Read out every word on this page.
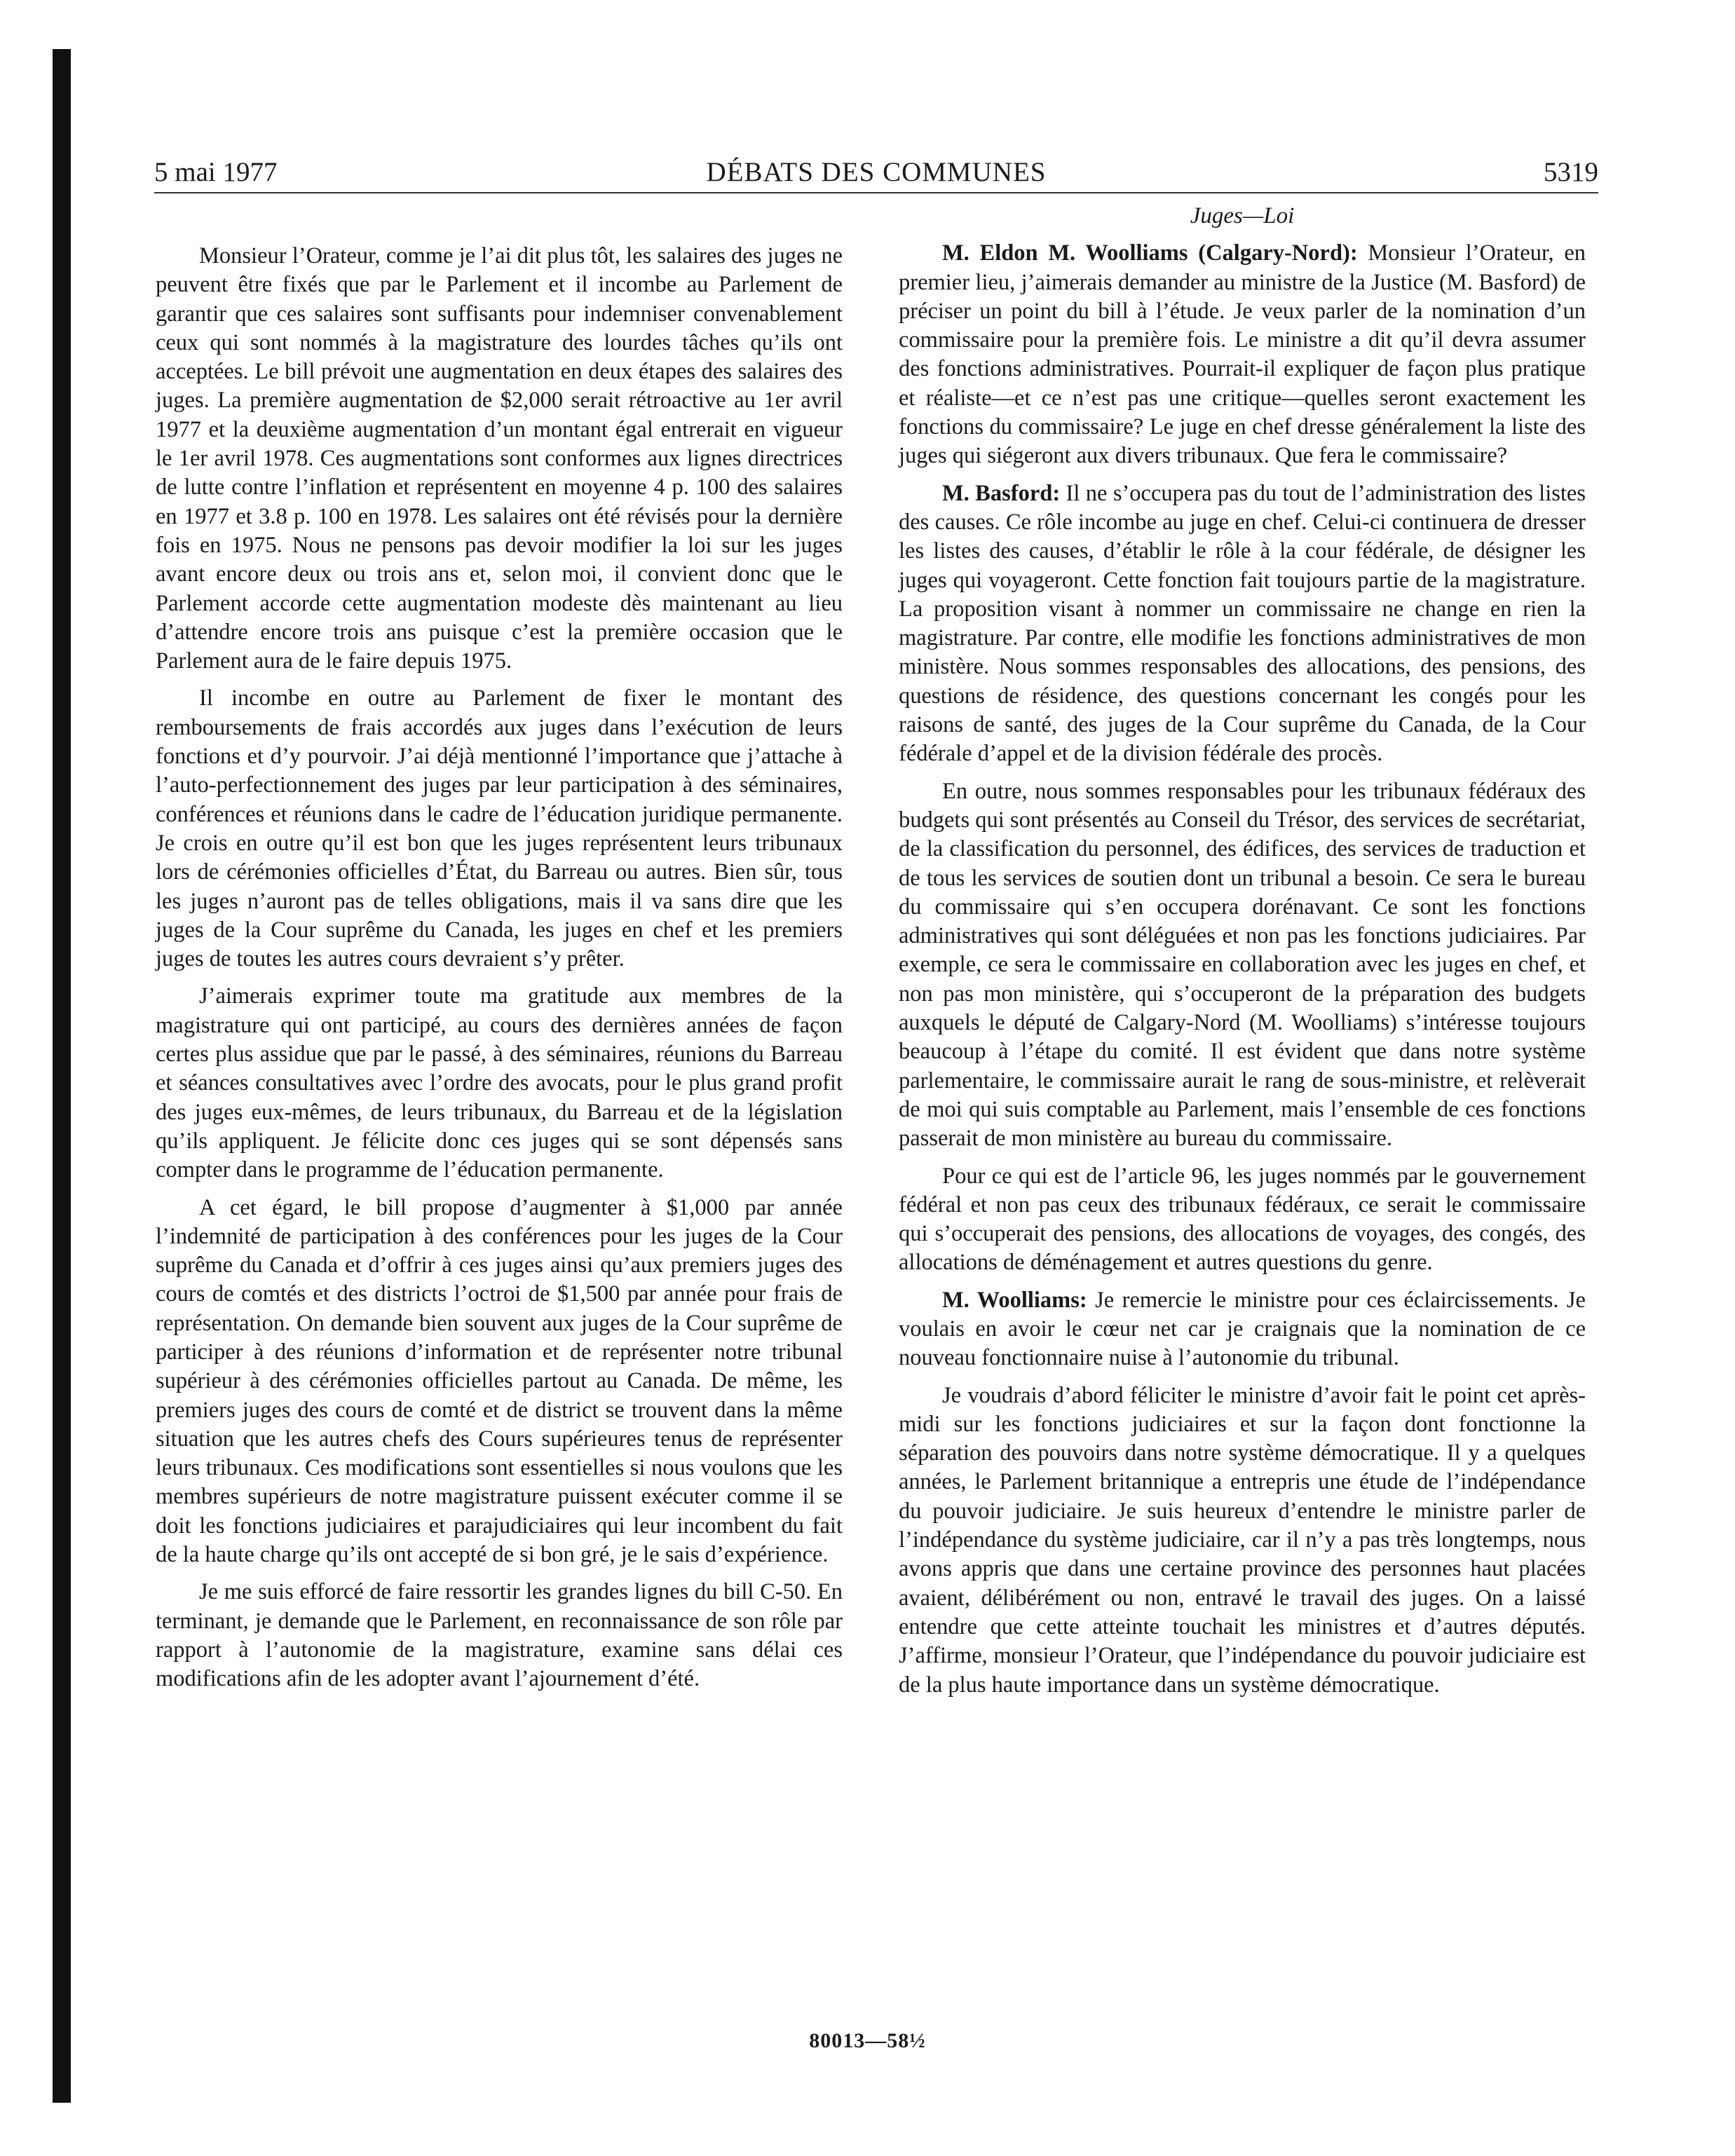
5 mai 1977	DÉBATS DES COMMUNES	5319

Monsieur l’Orateur, comme je l’ai dit plus tôt, les salaires des juges ne peuvent être fixés que par le Parlement et il incombe au Parlement de garantir que ces salaires sont suffisants pour indemniser convenablement ceux qui sont nommés à la magistrature des lourdes tâches qu’ils ont acceptées. Le bill prévoit une augmentation en deux étapes des salaires des juges. La première augmentation de $2,000 serait rétroactive au 1er avril 1977 et la deuxième augmentation d’un montant égal entrerait en vigueur le 1er avril 1978. Ces augmentations sont conformes aux lignes directrices de lutte contre l’inflation et représentent en moyenne 4 p. 100 des salaires en 1977 et 3.8 p. 100 en 1978. Les salaires ont été révisés pour la dernière fois en 1975. Nous ne pensons pas devoir modifier la loi sur les juges avant encore deux ou trois ans et, selon moi, il convient donc que le Parlement accorde cette augmentation modeste dès maintenant au lieu d’attendre encore trois ans puisque c’est la première occasion que le Parlement aura de le faire depuis 1975.

Il incombe en outre au Parlement de fixer le montant des remboursements de frais accordés aux juges dans l’exécution de leurs fonctions et d’y pourvoir. J’ai déjà mentionné l’importance que j’attache à l’auto-perfectionnement des juges par leur participation à des séminaires, conférences et réunions dans le cadre de l’éducation juridique permanente. Je crois en outre qu’il est bon que les juges représentent leurs tribunaux lors de cérémonies officielles d’État, du Barreau ou autres. Bien sûr, tous les juges n’auront pas de telles obligations, mais il va sans dire que les juges de la Cour suprême du Canada, les juges en chef et les premiers juges de toutes les autres cours devraient s’y prêter.

J’aimerais exprimer toute ma gratitude aux membres de la magistrature qui ont participé, au cours des dernières années de façon certes plus assidue que par le passé, à des séminaires, réunions du Barreau et séances consultatives avec l’ordre des avocats, pour le plus grand profit des juges eux-mêmes, de leurs tribunaux, du Barreau et de la législation qu’ils appliquent. Je félicite donc ces juges qui se sont dépensés sans compter dans le programme de l’éducation permanente.

A cet égard, le bill propose d’augmenter à $1,000 par année l’indemnité de participation à des conférences pour les juges de la Cour suprême du Canada et d’offrir à ces juges ainsi qu’aux premiers juges des cours de comtés et des districts l’octroi de $1,500 par année pour frais de représentation. On demande bien souvent aux juges de la Cour suprême de participer à des réunions d’information et de représenter notre tribunal supérieur à des cérémonies officielles partout au Canada. De même, les premiers juges des cours de comté et de district se trouvent dans la même situation que les autres chefs des Cours supérieures tenus de représenter leurs tribunaux. Ces modifications sont essentielles si nous voulons que les membres supérieurs de notre magistrature puissent exécuter comme il se doit les fonctions judiciaires et parajudiciaires qui leur incombent du fait de la haute charge qu’ils ont accepté de si bon gré, je le sais d’expérience.

Je me suis efforcé de faire ressortir les grandes lignes du bill C-50. En terminant, je demande que le Parlement, en reconnaissance de son rôle par rapport à l’autonomie de la magistrature, examine sans délai ces modifications afin de les adopter avant l’ajournement d’été.

Juges—Loi

M. Eldon M. Woolliams (Calgary-Nord): Monsieur l’Orateur, en premier lieu, j’aimerais demander au ministre de la Justice (M. Basford) de préciser un point du bill à l’étude. Je veux parler de la nomination d’un commissaire pour la première fois. Le ministre a dit qu’il devra assumer des fonctions administratives. Pourrait-il expliquer de façon plus pratique et réaliste—et ce n’est pas une critique—quelles seront exactement les fonctions du commissaire? Le juge en chef dresse généralement la liste des juges qui siégeront aux divers tribunaux. Que fera le commissaire?

M. Basford: Il ne s’occupera pas du tout de l’administration des listes des causes. Ce rôle incombe au juge en chef. Celui-ci continuera de dresser les listes des causes, d’établir le rôle à la cour fédérale, de désigner les juges qui voyageront. Cette fonction fait toujours partie de la magistrature. La proposition visant à nommer un commissaire ne change en rien la magistrature. Par contre, elle modifie les fonctions administratives de mon ministère. Nous sommes responsables des allocations, des pensions, des questions de résidence, des questions concernant les congés pour les raisons de santé, des juges de la Cour suprême du Canada, de la Cour fédérale d’appel et de la division fédérale des procès.

En outre, nous sommes responsables pour les tribunaux fédéraux des budgets qui sont présentés au Conseil du Trésor, des services de secrétariat, de la classification du personnel, des édifices, des services de traduction et de tous les services de soutien dont un tribunal a besoin. Ce sera le bureau du commissaire qui s’en occupera dorénavant. Ce sont les fonctions administratives qui sont déléguées et non pas les fonctions judiciaires. Par exemple, ce sera le commissaire en collaboration avec les juges en chef, et non pas mon ministère, qui s’occuperont de la préparation des budgets auxquels le député de Calgary-Nord (M. Woolliams) s’intéresse toujours beaucoup à l’étape du comité. Il est évident que dans notre système parlementaire, le commissaire aurait le rang de sous-ministre, et relèverait de moi qui suis comptable au Parlement, mais l’ensemble de ces fonctions passerait de mon ministère au bureau du commissaire.

Pour ce qui est de l’article 96, les juges nommés par le gouvernement fédéral et non pas ceux des tribunaux fédéraux, ce serait le commissaire qui s’occuperait des pensions, des allocations de voyages, des congés, des allocations de déménagement et autres questions du genre.

M. Woolliams: Je remercie le ministre pour ces éclaircissements. Je voulais en avoir le cœur net car je craignais que la nomination de ce nouveau fonctionnaire nuise à l’autonomie du tribunal.

Je voudrais d’abord féliciter le ministre d’avoir fait le point cet après-midi sur les fonctions judiciaires et sur la façon dont fonctionne la séparation des pouvoirs dans notre système démocratique. Il y a quelques années, le Parlement britannique a entrepris une étude de l’indépendance du pouvoir judiciaire. Je suis heureux d’entendre le ministre parler de l’indépendance du système judiciaire, car il n’y a pas très longtemps, nous avons appris que dans une certaine province des personnes haut placées avaient, délibérément ou non, entravé le travail des juges. On a laissé entendre que cette atteinte touchait les ministres et d’autres députés. J’affirme, monsieur l’Orateur, que l’indépendance du pouvoir judiciaire est de la plus haute importance dans un système démocratique.

80013—58½
